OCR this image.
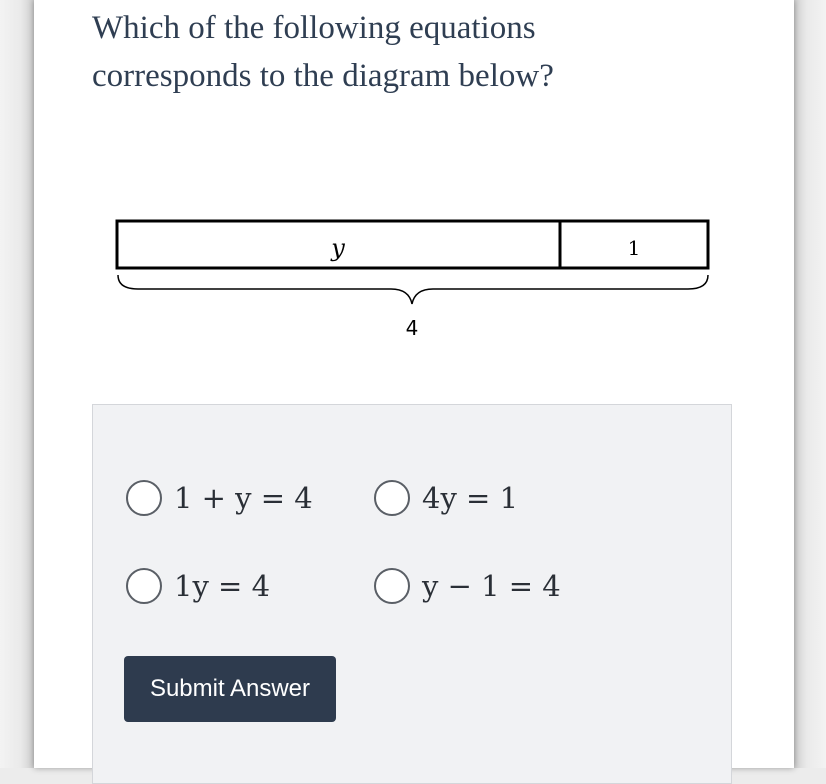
Which of the following equations corresponds to the diagram below?

y	1
4
1 + y = 4	4y = 1
1y = 4	y − 1 = 4
Submit Answer
